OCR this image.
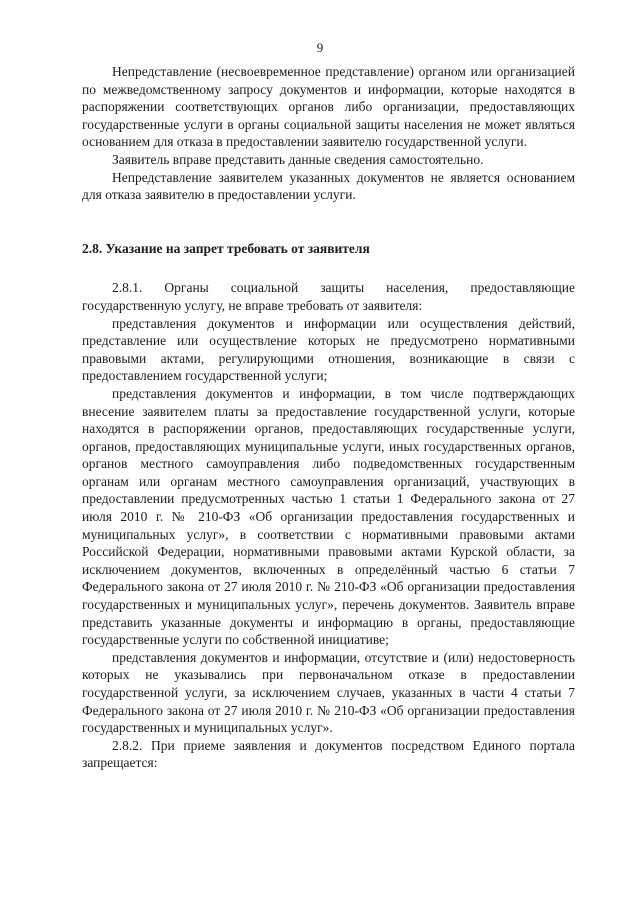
9

Непредставление (несвоевременное представление) органом или организацией по межведомственному запросу документов и информации, которые находятся в распоряжении соответствующих органов либо организации, предоставляющих государственные услуги в органы социальной защиты населения не может являться основанием для отказа в предоставлении заявителю государственной услуги.

Заявитель вправе представить данные сведения самостоятельно.

Непредставление заявителем указанных документов не является основанием для отказа заявителю в предоставлении услуги.

2.8. Указание на запрет требовать от заявителя

2.8.1. Органы социальной защиты населения, предоставляющие государственную услугу, не вправе требовать от заявителя:

представления документов и информации или осуществления действий, представление или осуществление которых не предусмотрено нормативными правовыми актами, регулирующими отношения, возникающие в связи с предоставлением государственной услуги;

представления документов и информации, в том числе подтверждающих внесение заявителем платы за предоставление государственной услуги, которые находятся в распоряжении органов, предоставляющих государственные услуги, органов, предоставляющих муниципальные услуги, иных государственных органов, органов местного самоуправления либо подведомственных государственным органам или органам местного самоуправления организаций, участвующих в предоставлении предусмотренных частью 1 статьи 1 Федерального закона от 27 июля 2010 г. № 210-ФЗ «Об организации предоставления государственных и муниципальных услуг», в соответствии с нормативными правовыми актами Российской Федерации, нормативными правовыми актами Курской области, за исключением документов, включенных в определённый частью 6 статьи 7 Федерального закона от 27 июля 2010 г. № 210-ФЗ «Об организации предоставления государственных и муниципальных услуг», перечень документов. Заявитель вправе представить указанные документы и информацию в органы, предоставляющие государственные услуги по собственной инициативе;

представления документов и информации, отсутствие и (или) недостоверность которых не указывались при первоначальном отказе в предоставлении государственной услуги, за исключением случаев, указанных в части 4 статьи 7 Федерального закона от 27 июля 2010 г. № 210-ФЗ «Об организации предоставления государственных и муниципальных услуг».

2.8.2. При приеме заявления и документов посредством Единого портала запрещается:
